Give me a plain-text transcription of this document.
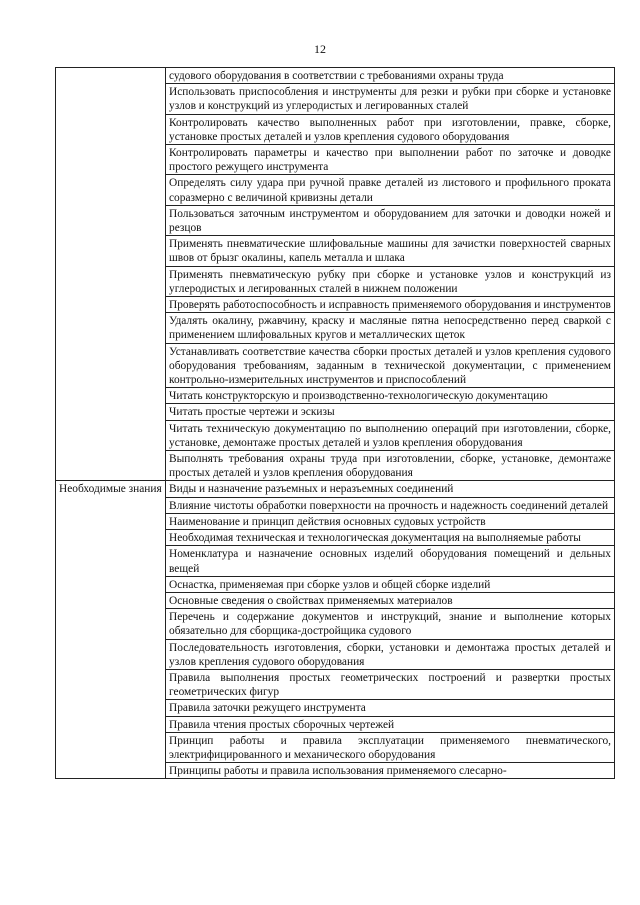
12
	судового оборудования в соответствии с требованиями охраны труда
	Использовать приспособления и инструменты для резки и рубки при сборке и установке узлов и конструкций из углеродистых и легированных сталей
	Контролировать качество выполненных работ при изготовлении, правке, сборке, установке простых деталей и узлов крепления судового оборудования
	Контролировать параметры и качество при выполнении работ по заточке и доводке простого режущего инструмента
	Определять силу удара при ручной правке деталей из листового и профильного проката соразмерно с величиной кривизны детали
	Пользоваться заточным инструментом и оборудованием для заточки и доводки ножей и резцов
	Применять пневматические шлифовальные машины для зачистки поверхностей сварных швов от брызг окалины, капель металла и шлака
	Применять пневматическую рубку при сборке и установке узлов и конструкций из углеродистых и легированных сталей в нижнем положении
	Проверять работоспособность и исправность применяемого оборудования и инструментов
	Удалять окалину, ржавчину, краску и масляные пятна непосредственно перед сваркой с применением шлифовальных кругов и металлических щеток
	Устанавливать соответствие качества сборки простых деталей и узлов крепления судового оборудования требованиям, заданным в технической документации, с применением контрольно-измерительных инструментов и приспособлений
	Читать конструкторскую и производственно-технологическую документацию
	Читать простые чертежи и эскизы
	Читать техническую документацию по выполнению операций при изготовлении, сборке, установке, демонтаже простых деталей и узлов крепления оборудования
	Выполнять требования охраны труда при изготовлении, сборке, установке, демонтаже простых деталей и узлов крепления оборудования
Необходимые знания	Виды и назначение разъемных и неразъемных соединений
	Влияние чистоты обработки поверхности на прочность и надежность соединений деталей
	Наименование и принцип действия основных судовых устройств
	Необходимая техническая и технологическая документация на выполняемые работы
	Номенклатура и назначение основных изделий оборудования помещений и дельных вещей
	Оснастка, применяемая при сборке узлов и общей сборке изделий
	Основные сведения о свойствах применяемых материалов
	Перечень и содержание документов и инструкций, знание и выполнение которых обязательно для сборщика-достройщика судового
	Последовательность изготовления, сборки, установки и демонтажа простых деталей и узлов крепления судового оборудования
	Правила выполнения простых геометрических построений и развертки простых геометрических фигур
	Правила заточки режущего инструмента
	Правила чтения простых сборочных чертежей
	Принцип работы и правила эксплуатации применяемого пневматического, электрифицированного и механического оборудования
	Принципы работы и правила использования применяемого слесарно-
